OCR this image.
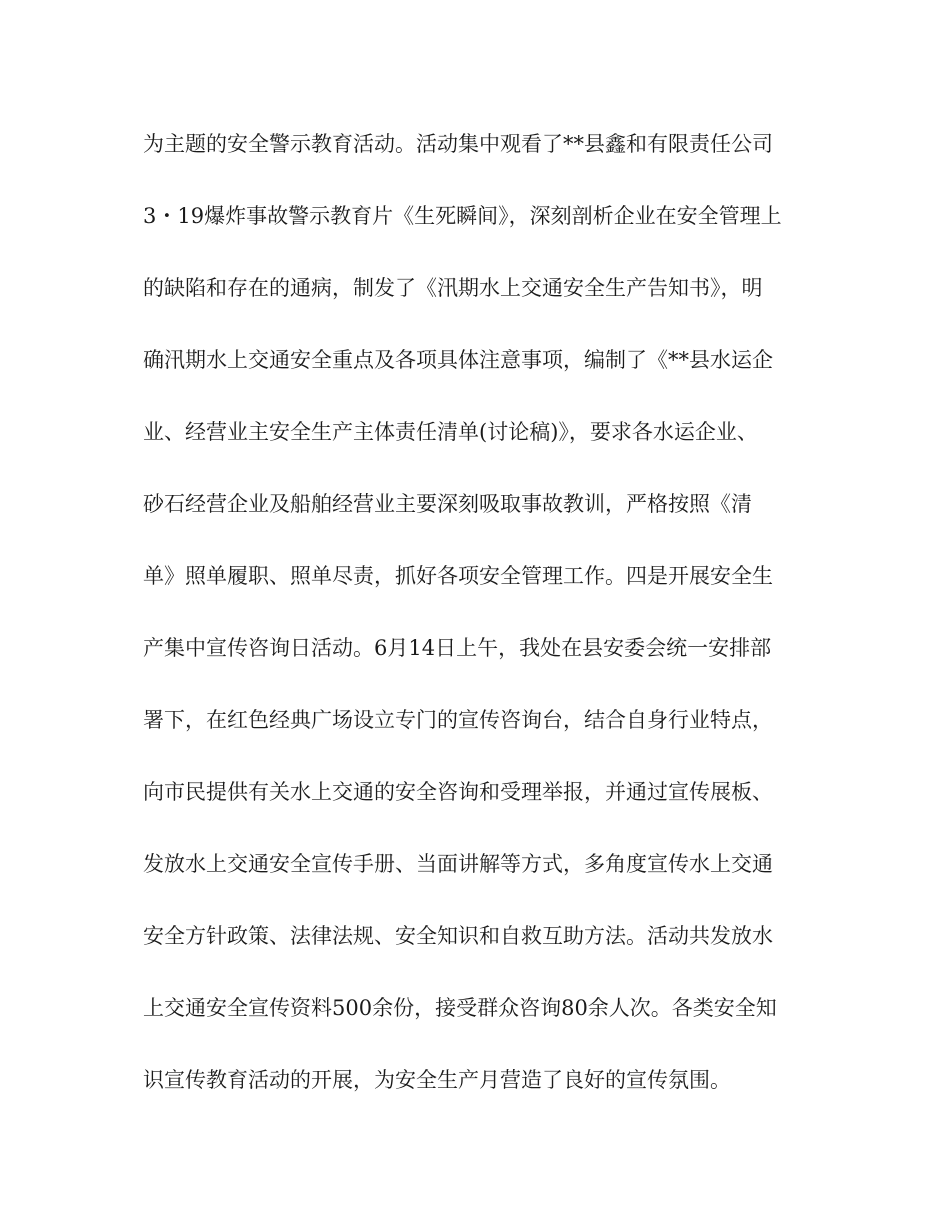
为主题的安全警示教育活动。活动集中观看了**县鑫和有限责任公司
3・19爆炸事故警示教育片《生死瞬间》，深刻剖析企业在安全管理上
的缺陷和存在的通病，制发了《汛期水上交通安全生产告知书》，明
确汛期水上交通安全重点及各项具体注意事项，编制了《**县水运企
业、经营业主安全生产主体责任清单(讨论稿)》，要求各水运企业、
砂石经营企业及船舶经营业主要深刻吸取事故教训，严格按照《清
单》照单履职、照单尽责，抓好各项安全管理工作。四是开展安全生
产集中宣传咨询日活动。6月14日上午，我处在县安委会统一安排部
署下，在红色经典广场设立专门的宣传咨询台，结合自身行业特点，
向市民提供有关水上交通的安全咨询和受理举报，并通过宣传展板、
发放水上交通安全宣传手册、当面讲解等方式，多角度宣传水上交通
安全方针政策、法律法规、安全知识和自救互助方法。活动共发放水
上交通安全宣传资料500余份，接受群众咨询80余人次。各类安全知
识宣传教育活动的开展，为安全生产月营造了良好的宣传氛围。
